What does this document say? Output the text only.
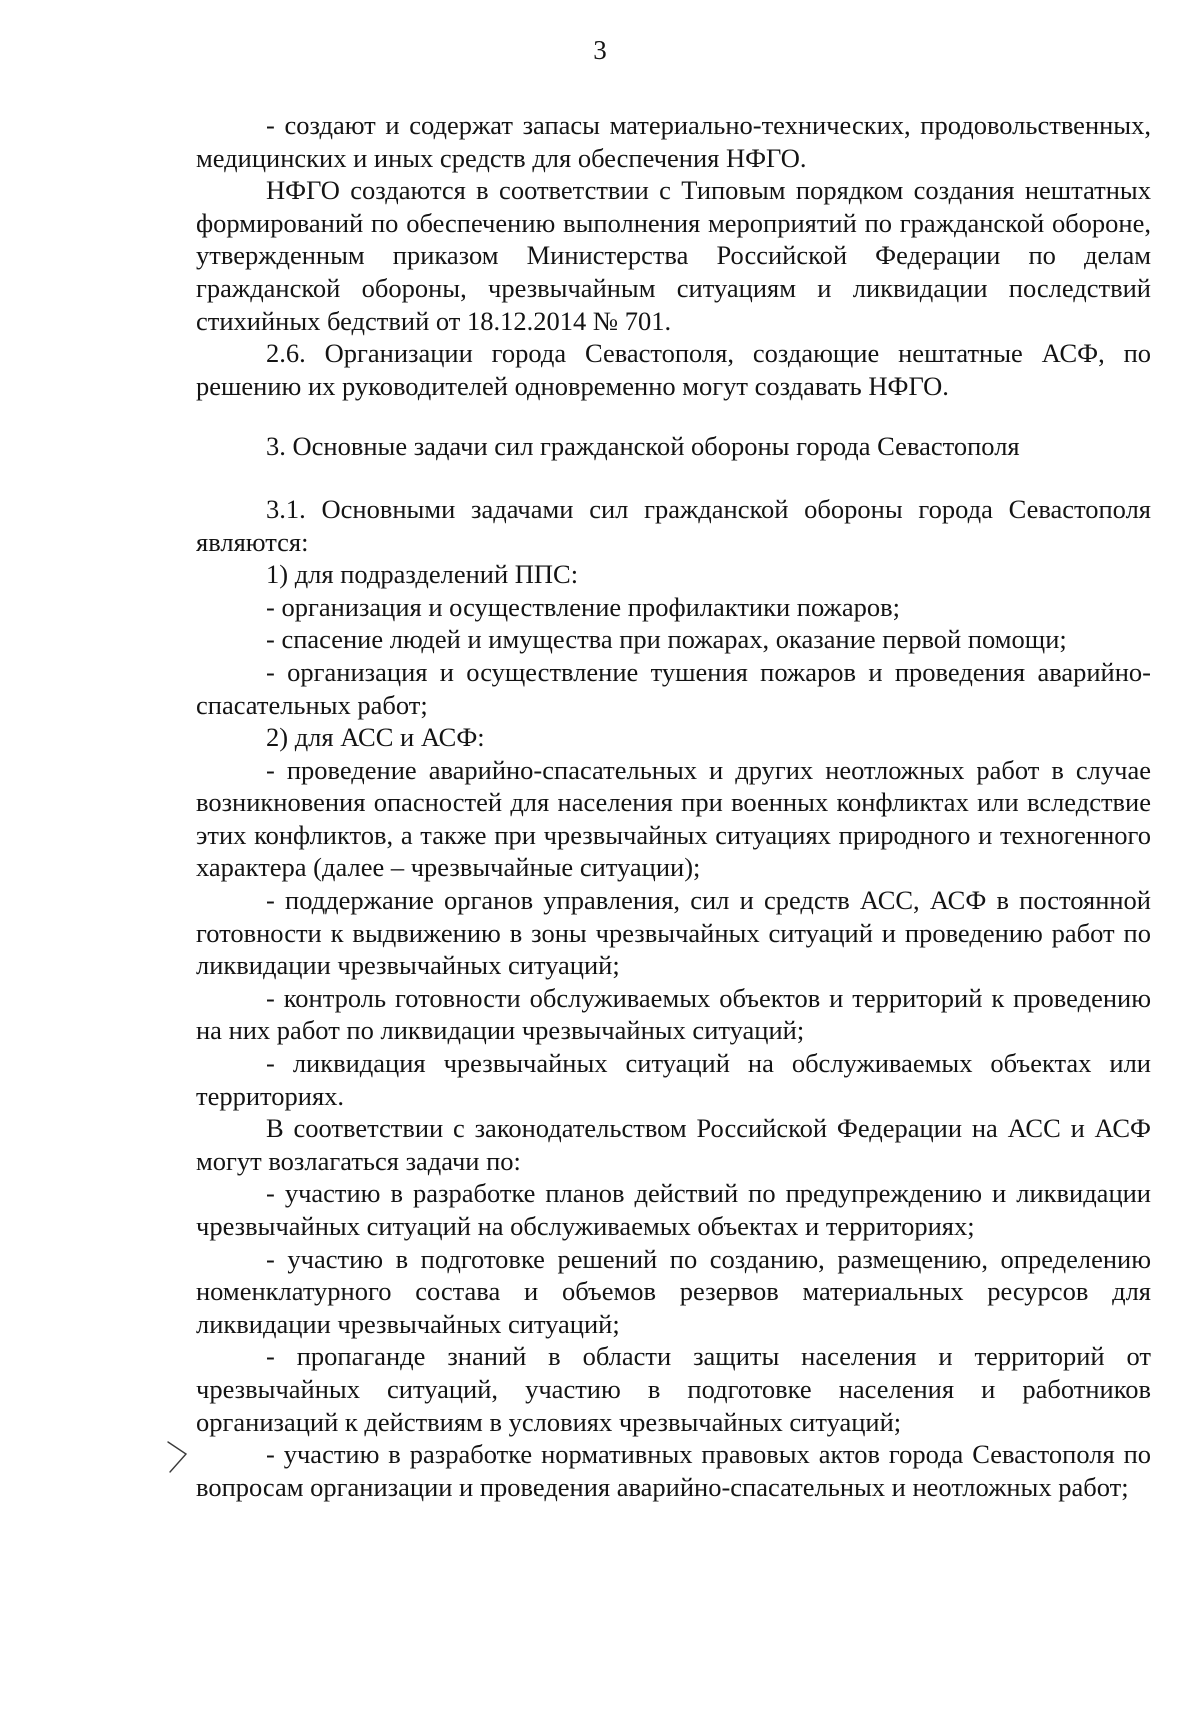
3

- создают и содержат запасы материально-технических, продовольственных, медицинских и иных средств для обеспечения НФГО.

НФГО создаются в соответствии с Типовым порядком создания нештатных формирований по обеспечению выполнения мероприятий по гражданской обороне, утвержденным приказом Министерства Российской Федерации по делам гражданской обороны, чрезвычайным ситуациям и ликвидации последствий стихийных бедствий от 18.12.2014 № 701.

2.6. Организации города Севастополя, создающие нештатные АСФ, по решению их руководителей одновременно могут создавать НФГО.

3. Основные задачи сил гражданской обороны города Севастополя

3.1. Основными задачами сил гражданской обороны города Севастополя являются:

1) для подразделений ППС:

- организация и осуществление профилактики пожаров;

- спасение людей и имущества при пожарах, оказание первой помощи;

- организация и осуществление тушения пожаров и проведения аварийно-спасательных работ;

2) для АСС и АСФ:

- проведение аварийно-спасательных и других неотложных работ в случае возникновения опасностей для населения при военных конфликтах или вследствие этих конфликтов, а также при чрезвычайных ситуациях природного и техногенного характера (далее – чрезвычайные ситуации);

- поддержание органов управления, сил и средств АСС, АСФ в постоянной готовности к выдвижению в зоны чрезвычайных ситуаций и проведению работ по ликвидации чрезвычайных ситуаций;

- контроль готовности обслуживаемых объектов и территорий к проведению на них работ по ликвидации чрезвычайных ситуаций;

- ликвидация чрезвычайных ситуаций на обслуживаемых объектах или территориях.

В соответствии с законодательством Российской Федерации на АСС и АСФ могут возлагаться задачи по:

- участию в разработке планов действий по предупреждению и ликвидации чрезвычайных ситуаций на обслуживаемых объектах и территориях;

- участию в подготовке решений по созданию, размещению, определению номенклатурного состава и объемов резервов материальных ресурсов для ликвидации чрезвычайных ситуаций;

- пропаганде знаний в области защиты населения и территорий от чрезвычайных ситуаций, участию в подготовке населения и работников организаций к действиям в условиях чрезвычайных ситуаций;

- участию в разработке нормативных правовых актов города Севастополя по вопросам организации и проведения аварийно-спасательных и неотложных работ;
